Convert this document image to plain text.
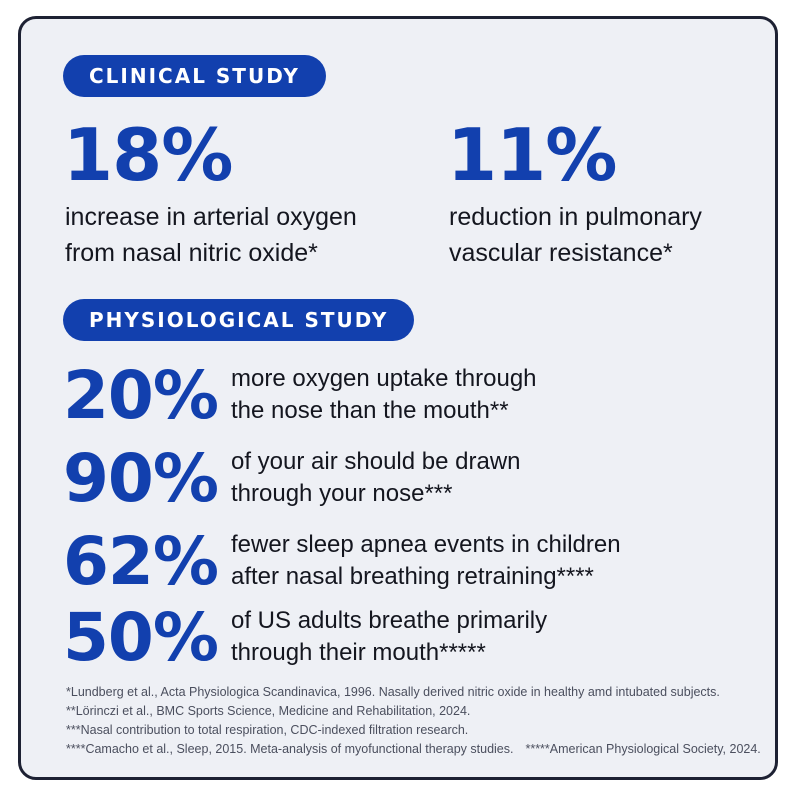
CLINICAL STUDY
18%
increase in arterial oxygen
from nasal nitric oxide*
11%
reduction in pulmonary
vascular resistance*
PHYSIOLOGICAL STUDY
20% more oxygen uptake through
the nose than the mouth**
90% of your air should be drawn
through your nose***
62% fewer sleep apnea events in children
after nasal breathing retraining****
50% of US adults breathe primarily
through their mouth*****
*Lundberg et al., Acta Physiologica Scandinavica, 1996. Nasally derived nitric oxide in healthy amd intubated subjects.
**Lörinczi et al., BMC Sports Science, Medicine and Rehabilitation, 2024.
***Nasal contribution to total respiration, CDC-indexed filtration research.
****Camacho et al., Sleep, 2015. Meta-analysis of myofunctional therapy studies. *****American Physiological Society, 2024.
